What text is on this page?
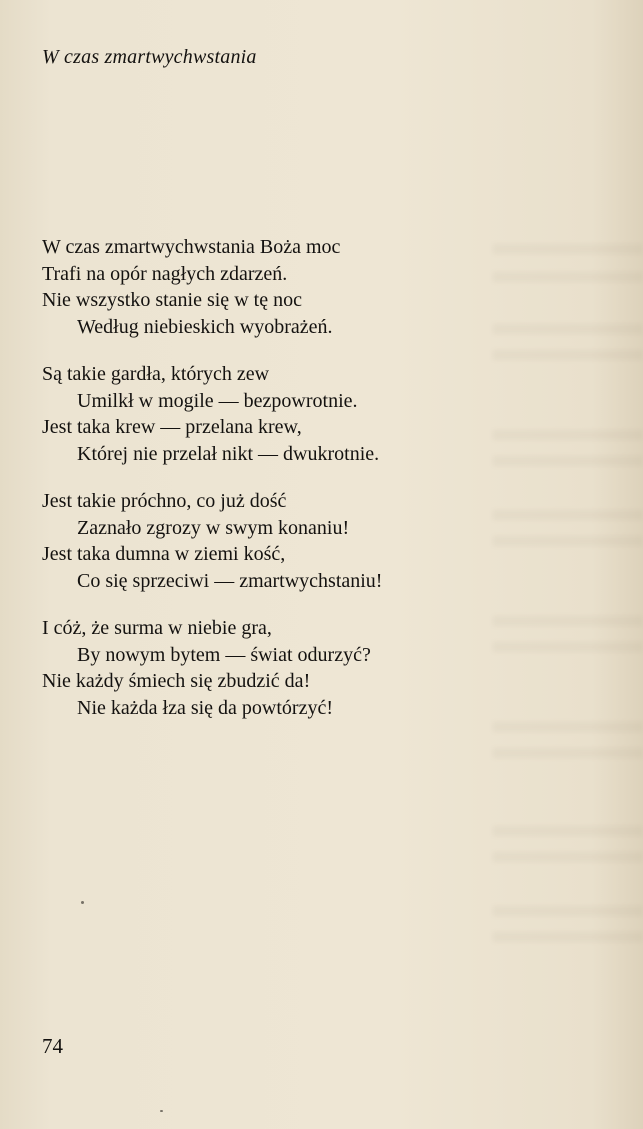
W czas zmartwychwstania
W czas zmartwychwstania Boża moc
Trafi na opór nagłych zdarzeń.
Nie wszystko stanie się w tę noc
Według niebieskich wyobrażeń.
Są takie gardła, których zew
Umilkł w mogile — bezpowrotnie.
Jest taka krew — przelana krew,
Której nie przelał nikt — dwukrotnie.
Jest takie próchno, co już dość
Zaznało zgrozy w swym konaniu!
Jest taka dumna w ziemi kość,
Co się sprzeciwi — zmartwychstaniu!
I cóż, że surma w niebie gra,
By nowym bytem — świat odurzyć?
Nie każdy śmiech się zbudzić da!
Nie każda łza się da powtórzyć!
74
